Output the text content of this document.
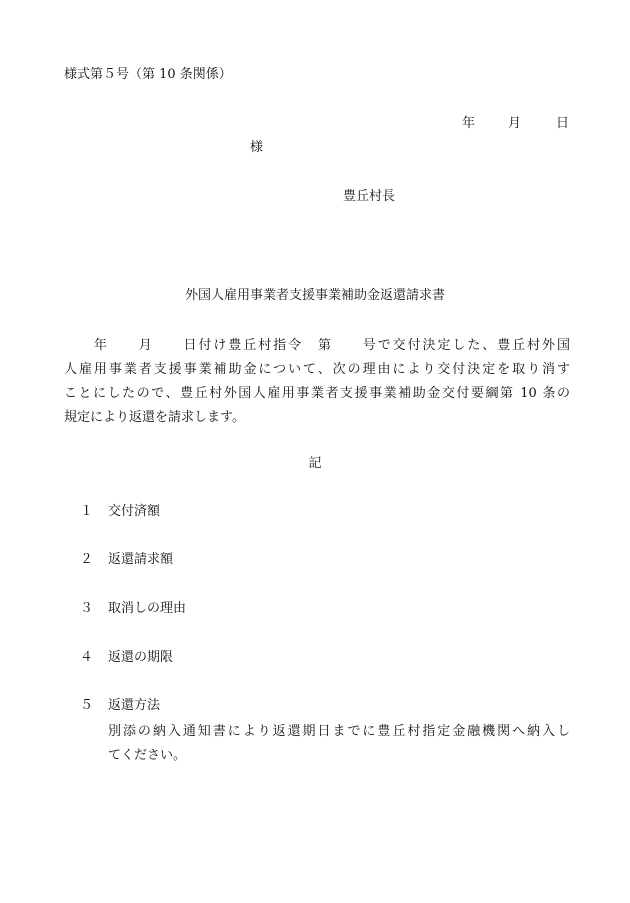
様式第５号（第 10 条関係）
年	月	日
様
豊丘村長
外国人雇用事業者支援事業補助金返還請求書
　　年　　月　　日付け豊丘村指令　第　　号で交付決定した、豊丘村外国
人雇用事業者支援事業補助金について、次の理由により交付決定を取り消す
ことにしたので、豊丘村外国人雇用事業者支援事業補助金交付要綱第 10 条の
規定により返還を請求します。
記
１ 交付済額
２ 返還請求額
３ 取消しの理由
４ 返還の期限
５ 返還方法
別添の納入通知書により返還期日までに豊丘村指定金融機関へ納入し
てください。
